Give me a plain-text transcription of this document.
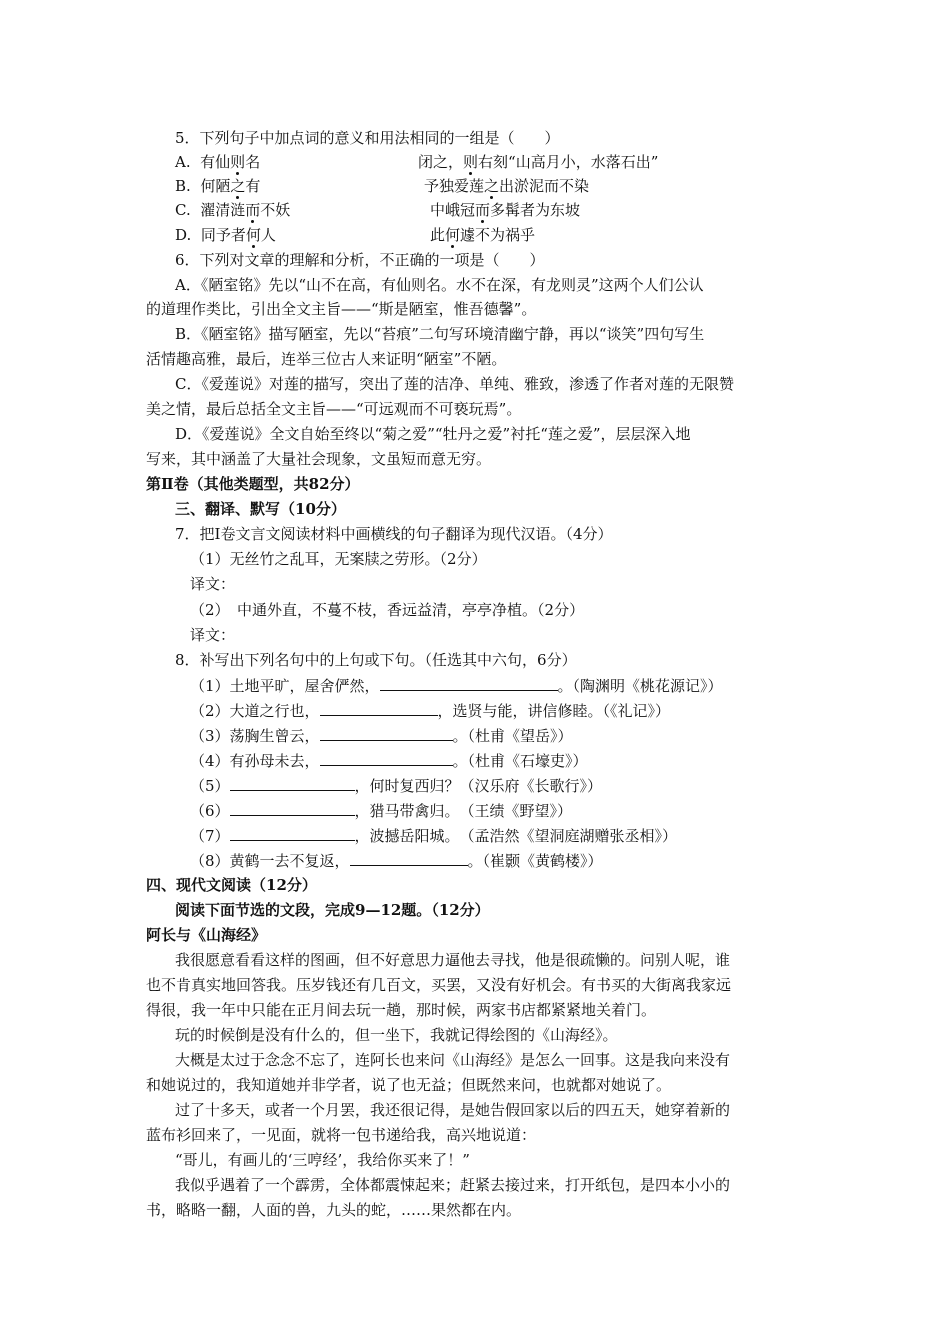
5．下列句子中加点词的意义和用法相同的一组是（　　）
A. 有仙则名	闭之，则右刻“山高月小，水落石出”
B. 何陋之有	予独爱莲之出淤泥而不染
C. 濯清涟而不妖	中峨冠而多髯者为东坡
D. 同予者何人	此何遽不为祸乎
6．下列对文章的理解和分析，不正确的一项是（　　）
A．《陋室铭》先以“山不在高，有仙则名。水不在深，有龙则灵”这两个人们公认
的道理作类比，引出全文主旨——“斯是陋室，惟吾德馨”。
B．《陋室铭》描写陋室，先以“苔痕”二句写环境清幽宁静，再以“谈笑”四句写生
活情趣高雅，最后，连举三位古人来证明“陋室”不陋。
C．《爱莲说》对莲的描写，突出了莲的洁净、单纯、雅致，渗透了作者对莲的无限赞
美之情，最后总括全文主旨——“可远观而不可亵玩焉”。
D．《爱莲说》全文自始至终以“菊之爱”“牡丹之爱”衬托“莲之爱”，层层深入地
写来，其中涵盖了大量社会现象，文虽短而意无穷。
第Ⅱ卷（其他类题型，共82分）
三、翻译、默写（10分）
7．把Ⅰ卷文言文阅读材料中画横线的句子翻译为现代汉语。（4分）
（1）无丝竹之乱耳，无案牍之劳形。（2分）
译文：
（2）　中通外直，不蔓不枝，香远益清，亭亭净植。（2分）
译文：
8．补写出下列名句中的上句或下句。（任选其中六句，6分）
（1）土地平旷，屋舍俨然，	。（陶渊明《桃花源记》）
（2）大道之行也，	，选贤与能，讲信修睦。（《礼记》）
（3）荡胸生曾云，	。（杜甫《望岳》）
（4）有孙母未去，	。（杜甫《石壕吏》）
（5）	，何时复西归？（汉乐府《长歌行》）
（6）	，猎马带禽归。　（王绩《野望》）
（7）	，波撼岳阳城。　（孟浩然《望洞庭湖赠张丞相》）
（8）黄鹤一去不复返，	。（崔颢《黄鹤楼》）
四、现代文阅读（12分）
阅读下面节选的文段，完成9—12题。（12分）
阿长与《山海经》
我很愿意看看这样的图画，但不好意思力逼他去寻找，他是很疏懒的。问别人呢，谁
也不肯真实地回答我。压岁钱还有几百文，买罢，又没有好机会。有书买的大街离我家远
得很，我一年中只能在正月间去玩一趟，那时候，两家书店都紧紧地关着门。
玩的时候倒是没有什么的，但一坐下，我就记得绘图的《山海经》。
大概是太过于念念不忘了，连阿长也来问《山海经》是怎么一回事。这是我向来没有
和她说过的，我知道她并非学者，说了也无益；但既然来问，也就都对她说了。
过了十多天，或者一个月罢，我还很记得，是她告假回家以后的四五天，她穿着新的
蓝布衫回来了，一见面，就将一包书递给我，高兴地说道：
“哥儿，有画儿的‘三哼经’，我给你买来了！”
我似乎遇着了一个霹雳，全体都震悚起来；赶紧去接过来，打开纸包，是四本小小的
书，略略一翻，人面的兽，九头的蛇，……果然都在内。
